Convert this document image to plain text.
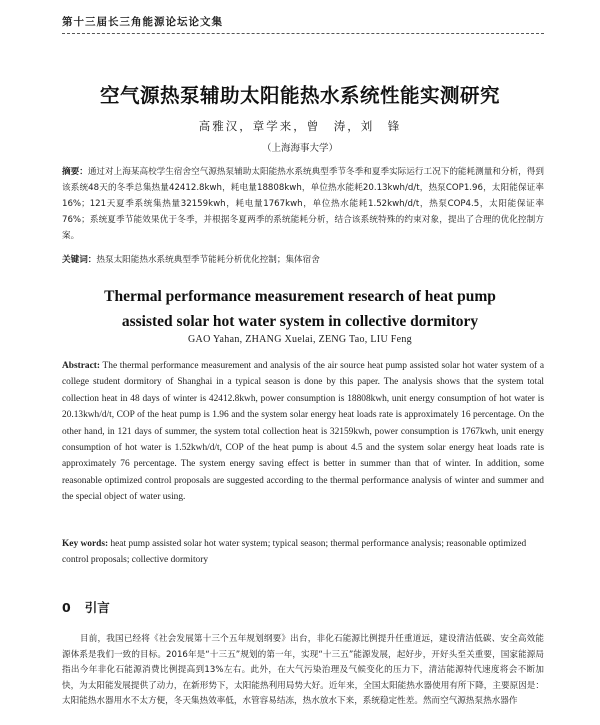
第十三届长三角能源论坛论文集
空气源热泵辅助太阳能热水系统性能实测研究
高雅汉，章学来，曾　涛，刘　锋
（上海海事大学）
摘要：通过对上海某高校学生宿舍空气源热泵辅助太阳能热水系统典型季节冬季和夏季实际运行工况下的能耗测量和分析，得到该系统48天的冬季总集热量42412.8kwh，耗电量18808kwh，单位热水能耗20.13kwh/d/t，热泵COP1.96，太阳能保证率16%；121天夏季系统集热量32159kwh，耗电量1767kwh，单位热水能耗1.52kwh/d/t，热泵COP4.5，太阳能保证率76%；系统夏季节能效果优于冬季，并根据冬夏两季的系统能耗分析，结合该系统特殊的约束对象，提出了合理的优化控制方案。
关键词：热泵太阳能热水系统典型季节能耗分析优化控制；集体宿舍
Thermal performance measurement research of heat pump
assisted solar hot water system in collective dormitory
GAO Yahan, ZHANG Xuelai, ZENG Tao, LIU Feng
Abstract: The thermal performance measurement and analysis of the air source heat pump assisted solar hot water system of a college student dormitory of Shanghai in a typical season is done by this paper. The analysis shows that the system total collection heat in 48 days of winter is 42412.8kwh, power consumption is 18808kwh, unit energy consumption of hot water is 20.13kwh/d/t, COP of the heat pump is 1.96 and the system solar energy heat loads rate is approximately 16 percentage. On the other hand, in 121 days of summer, the system total collection heat is 32159kwh, power consumption is 1767kwh, unit energy consumption of hot water is 1.52kwh/d/t, COP of the heat pump is about 4.5 and the system solar energy heat loads rate is approximately 76 percentage. The system energy saving effect is better in summer than that of winter. In addition, some reasonable optimized control proposals are suggested according to the thermal performance analysis of winter and summer and the special object of water using.
Key words: heat pump assisted solar hot water system; typical season; thermal performance analysis; reasonable optimized control proposals; collective dormitory
0 引言
目前，我国已经将《社会发展第十三个五年规划纲要》出台，非化石能源比例提升任重道远，建设清洁低碳、安全高效能源体系是我们一致的目标。2016年是“十三五”规划的第一年，实现“十三五”能源发展，起好步，开好头至关重要，国家能源局指出今年非化石能源消费比例提高到13%左右。此外，在大气污染治理及气候变化的压力下，清洁能源特代速度将会不断加快，为太阳能发展提供了动力，在新形势下，太阳能热利用局势大好。近年来，全国太阳能热水器使用有所下降，主要原因是：太阳能热水器用水不太方便，冬天集热效率低，水管容易结冻，热水放水下来，系统稳定性差。然而空气源热泵热水器作
